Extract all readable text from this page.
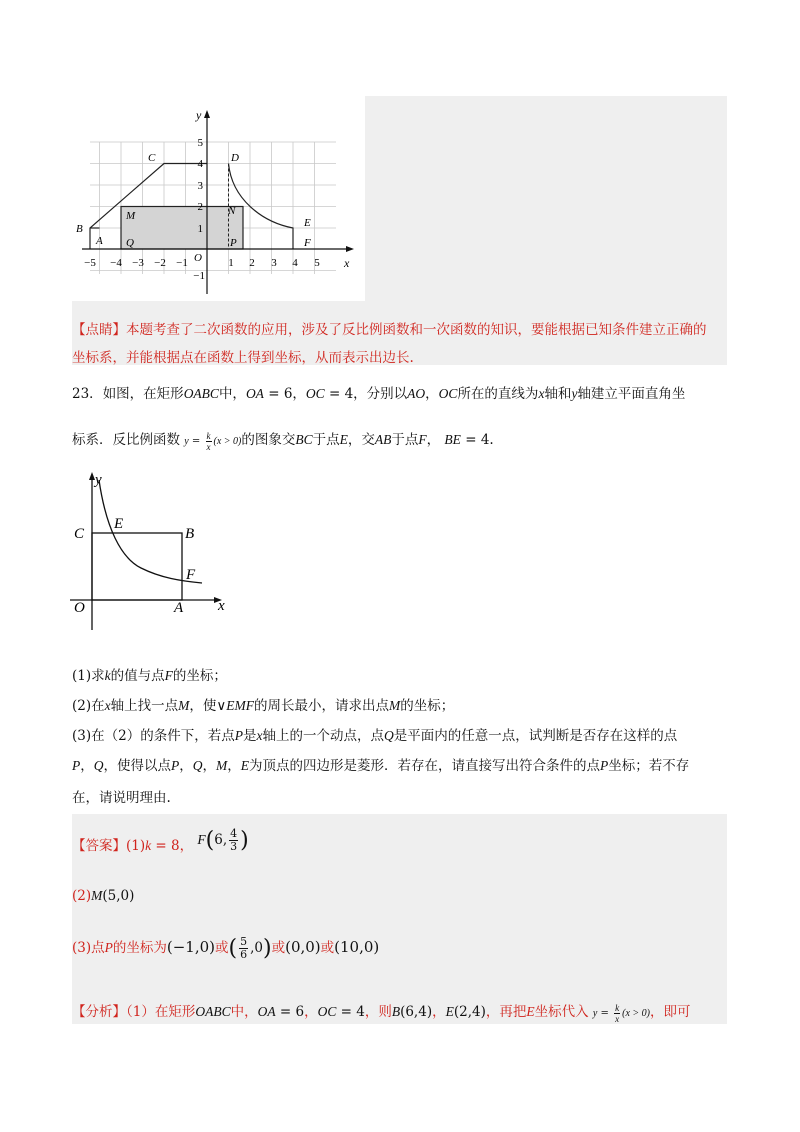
y
x
−5 −4 −3 −2 −1	1 2 3 4 5
5
4
3
2
1
−1
O
A
B
C	D
E
F
M	N
P
Q
【点睛】本题考查了二次函数的应用，涉及了反比例函数和一次函数的知识，要能根据已知条件建立正确的
坐标系，并能根据点在函数上得到坐标，从而表示出边长.
23．如图，在矩形OABC中，OA = 6，OC = 4，分别以AO，OC所在的直线为x轴和y轴建立平面直角坐
标系．反比例函数 $y = \frac{k}{x} (x > 0)$的图象交BC于点E，交AB于点F， BE = 4.
y
x
C
E
B
F
O	A
(1)求k的值与点F的坐标；
(2)在x轴上找一点M，使∨EMF的周长最小，请求出点M的坐标；
(3)在（2）的条件下，若点P是x轴上的一个动点，点Q是平面内的任意一点，试判断是否存在这样的点
P，Q，使得以点P，Q，M，E为顶点的四边形是菱形．若存在，请直接写出符合条件的点P坐标；若不存
在，请说明理由.
【答案】(1)k = 8， F(6, $\frac{4}{3}$ )
(2)M(5,0)
(3)点P的坐标为(−1,0)或( $\frac{5}{6} ,0$)或(0,0)或(10,0)
【分析】（1）在矩形OABC中，OA = 6，OC = 4，则B(6,4)，E(2,4)，再把E坐标代入 $y = \frac{k}{x} (x > 0)$，即可
